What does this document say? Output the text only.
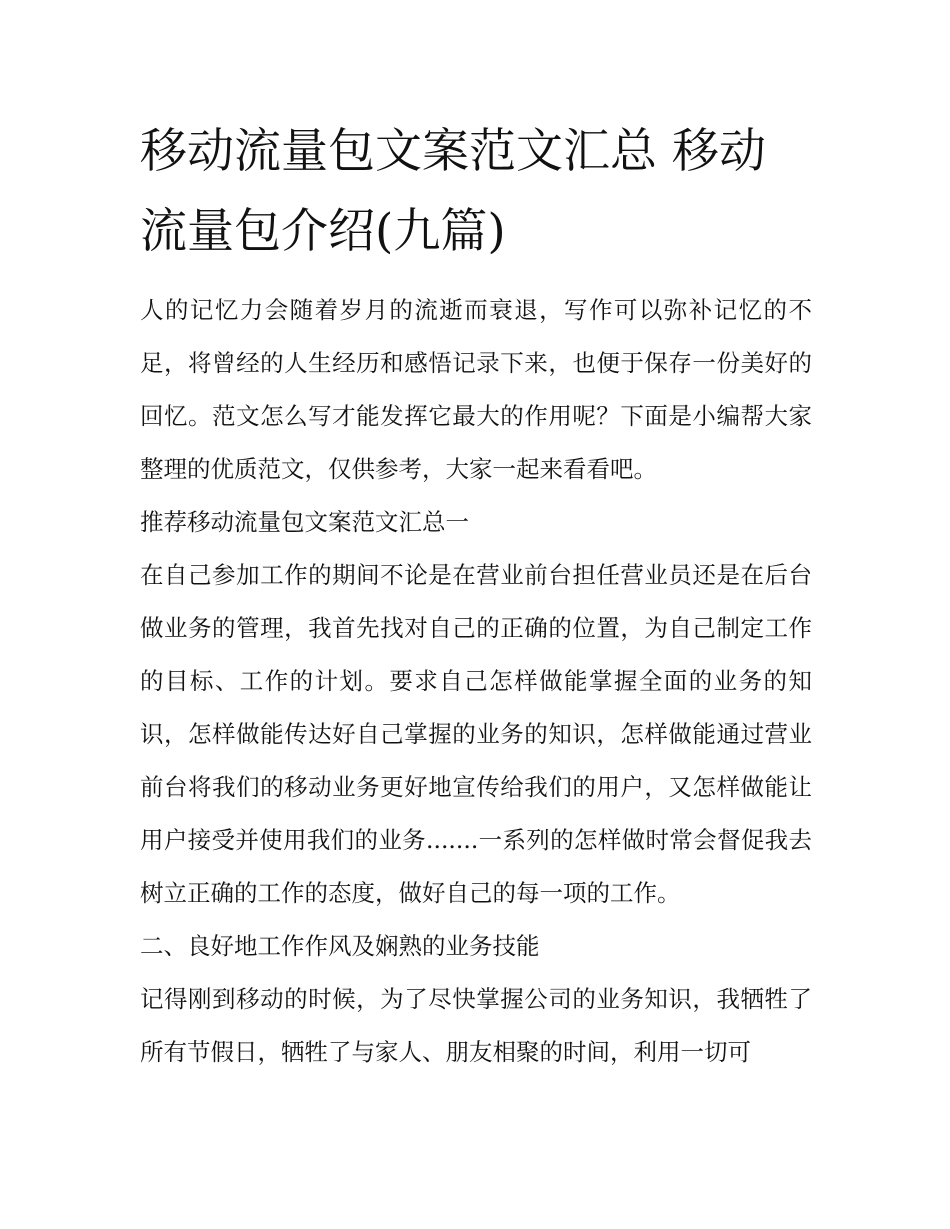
移动流量包文案范文汇总 移动流量包介绍(九篇)

人的记忆力会随着岁月的流逝而衰退，写作可以弥补记忆的不足，将曾经的人生经历和感悟记录下来，也便于保存一份美好的回忆。范文怎么写才能发挥它最大的作用呢？下面是小编帮大家整理的优质范文，仅供参考，大家一起来看看吧。

推荐移动流量包文案范文汇总一

在自己参加工作的期间不论是在营业前台担任营业员还是在后台做业务的管理，我首先找对自己的正确的位置，为自己制定工作的目标、工作的计划。要求自己怎样做能掌握全面的业务的知识，怎样做能传达好自己掌握的业务的知识，怎样做能通过营业前台将我们的移动业务更好地宣传给我们的用户，又怎样做能让用户接受并使用我们的业务.......一系列的怎样做时常会督促我去树立正确的工作的态度，做好自己的每一项的工作。

二、良好地工作作风及娴熟的业务技能

记得刚到移动的时候，为了尽快掌握公司的业务知识，我牺牲了所有节假日，牺牲了与家人、朋友相聚的时间，利用一切可
